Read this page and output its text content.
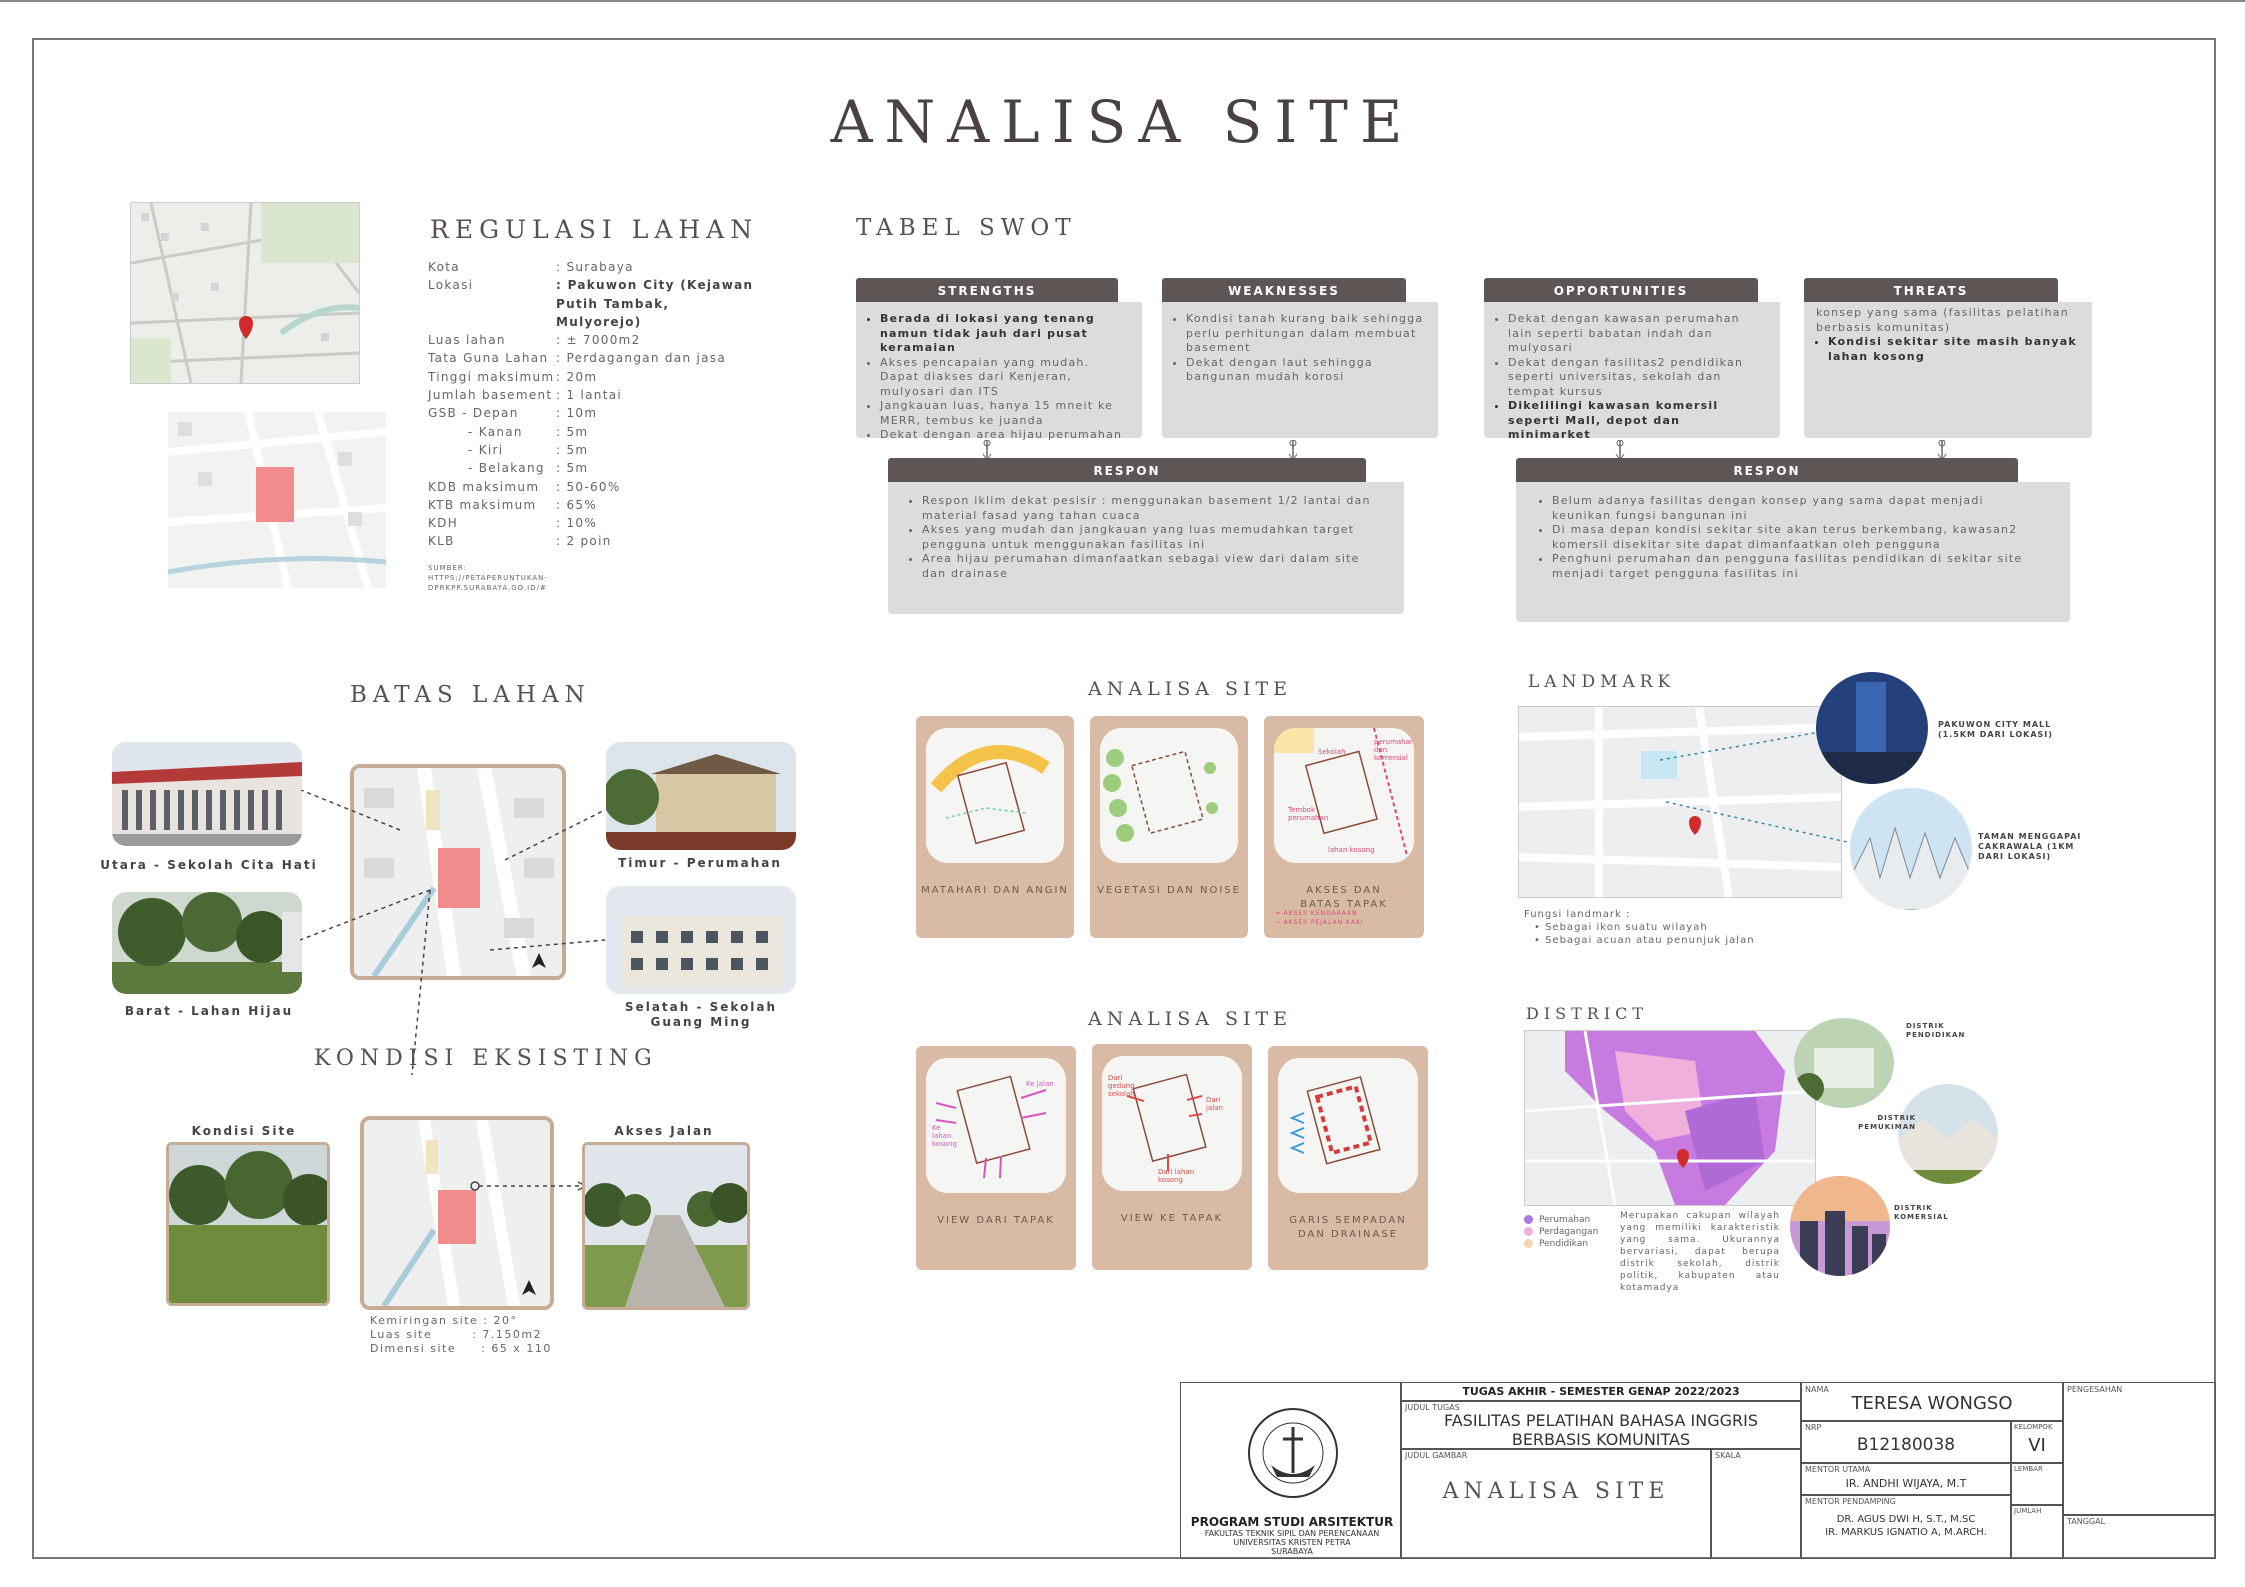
ANALISA SITE
REGULASI LAHAN
Kota	: Surabaya
Lokasi	: Pakuwon City (Kejawan Putih Tambak, Mulyorejo)
Luas lahan	: ± 7000m2
Tata Guna Lahan : Perdagangan dan jasa
Tinggi maksimum : 20m
Jumlah basement : 1 lantai
GSB - Depan	: 10m
- Kanan	: 5m
- Kiri	: 5m
- Belakang : 5m
KDB maksimum	: 50-60%
KTB maksimum	: 65%
KDH	: 10%
KLB	: 2 poin
SUMBER: HTTPS://PETAPERUNTUKAN-DPRKPP.SURABAYA.GO.ID/#
TABEL SWOT
STRENGTHS
• Berada di lokasi yang tenang namun tidak jauh dari pusat keramaian
• Akses pencapaian yang mudah. Dapat diakses dari Kenjeran, mulyosari dan ITS
• Jangkauan luas, hanya 15 mneit ke MERR, tembus ke juanda
• Dekat dengan area hijau perumahan
WEAKNESSES
• Kondisi tanah kurang baik sehingga perlu perhitungan dalam membuat basement
• Dekat dengan laut sehingga bangunan mudah korosi
OPPORTUNITIES
• Dekat dengan kawasan perumahan lain seperti babatan indah dan mulyosari
• Dekat dengan fasilitas2 pendidikan seperti universitas, sekolah dan tempat kursus
• Dikelilingi kawasan komersil seperti Mall, depot dan minimarket
THREATS
konsep yang sama (fasilitas pelatihan berbasis komunitas)
• Kondisi sekitar site masih banyak lahan kosong
RESPON
• Respon iklim dekat pesisir : menggunakan basement 1/2 lantai dan material fasad yang tahan cuaca
• Akses yang mudah dan jangkauan yang luas memudahkan target pengguna untuk menggunakan fasilitas ini
• Area hijau perumahan dimanfaatkan sebagai view dari dalam site dan drainase
RESPON
• Belum adanya fasilitas dengan konsep yang sama dapat menjadi keunikan fungsi bangunan ini
• Di masa depan kondisi sekitar site akan terus berkembang, kawasan2 komersil disekitar site dapat dimanfaatkan oleh pengguna
• Penghuni perumahan dan pengguna fasilitas pendidikan di sekitar site menjadi target pengguna fasilitas ini
BATAS LAHAN
Utara - Sekolah Cita Hati
Barat - Lahan Hijau
Timur - Perumahan
Selatah - Sekolah Guang Ming
KONDISI EKSISTING
Kondisi Site	Akses Jalan
Kemiringan site : 20°
Luas site        : 7.150m2
Dimensi site     : 65 x 110
ANALISA SITE
MATAHARI DAN ANGIN	VEGETASI DAN NOISE
Sekolah
perumahan dan komersial
Tembok perumahan
lahan kosong
AKSES DAN BATAS TAPAK
━ AKSES KENDARAAN
┅ AKSES PEJALAN KAKI
ANALISA SITE
Ke jalan
Ke lahan kosong
VIEW DARI TAPAK
Dari gedung sekolah
Dari jalan
Dari lahan kosong
VIEW KE TAPAK	GARIS SEMPADAN DAN DRAINASE
LANDMARK
PAKUWON CITY MALL (1.5KM DARI LOKASI)
TAMAN MENGGAPAI CAKRAWALA (1KM DARI LOKASI)
Fungsi landmark :
• Sebagai ikon suatu wilayah
• Sebagai acuan atau penunjuk jalan
DISTRICT
DISTRIK PENDIDIKAN
DISTRIK PEMUKIMAN
DISTRIK KOMERSIAL
Perumahan
Perdagangan
Pendidikan
Merupakan cakupan wilayah yang memiliki karakteristik yang sama. Ukurannya bervariasi, dapat berupa distrik sekolah, distrik politik, kabupaten atau kotamadya
PROGRAM STUDI ARSITEKTUR
FAKULTAS TEKNIK SIPIL DAN PERENCANAAN
UNIVERSITAS KRISTEN PETRA
SURABAYA
TUGAS AKHIR - SEMESTER GENAP 2022/2023
JUDUL TUGAS
FASILITAS PELATIHAN BAHASA INGGRIS BERBASIS KOMUNITAS
JUDUL GAMBAR
ANALISA SITE
SKALA
NAMA
TERESA WONGSO
NRP
B12180038
KELOMPOK
VI
MENTOR UTAMA
IR. ANDHI WIJAYA, M.T
LEMBAR
MENTOR PENDAMPING
DR. AGUS DWI H, S.T., M.SC
IR. MARKUS IGNATIO A, M.ARCH.
JUMLAH
PENGESAHAN
TANGGAL
